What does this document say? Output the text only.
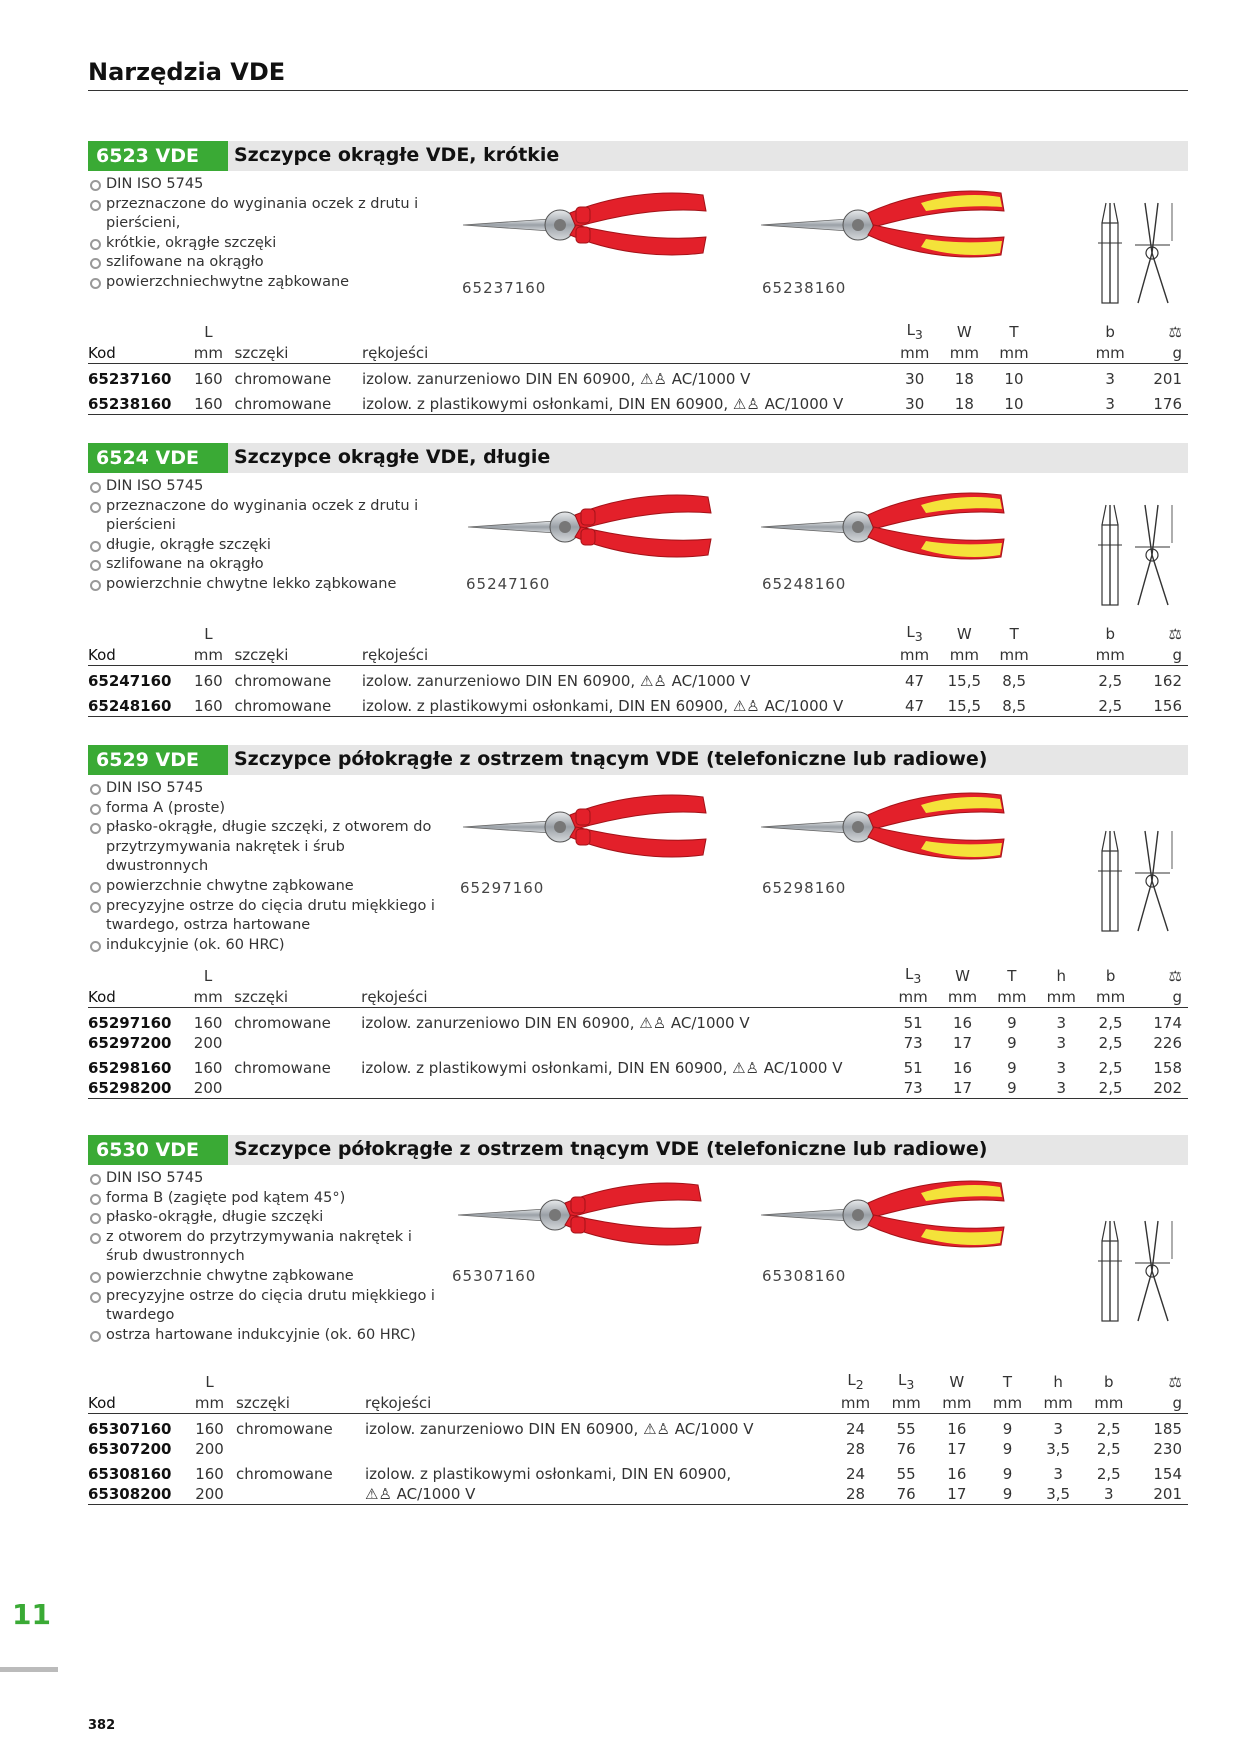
Narzędzia VDE
6523 VDE	Szczypce okrągłe VDE, krótkie
DIN ISO 5745
przeznaczone do wyginania oczek z drutu i pierścieni,
krótkie, okrągłe szczęki
szlifowane na okrągło
powierzchniechwytne ząbkowane	65237160	65238160
	L				$L_3$	W	T		b	⚖
Kod	mm	szczęki	rękojeści		mm	mm	mm		mm	g
65237160	160	chromowane	izolow. zanurzeniowo DIN EN 60900, ⚠♙ AC/1000 V		30	18	10		3	201
65238160	160	chromowane	izolow. z plastikowymi osłonkami, DIN EN 60900, ⚠♙ AC/1000 V		30	18	10		3	176
6524 VDE	Szczypce okrągłe VDE, długie
DIN ISO 5745
przeznaczone do wyginania oczek z drutu i pierścieni
długie, okrągłe szczęki
szlifowane na okrągło
powierzchnie chwytne lekko ząbkowane	65247160	65248160
	L				$L_3$	W	T		b	⚖
Kod	mm	szczęki	rękojeści		mm	mm	mm		mm	g
65247160	160	chromowane	izolow. zanurzeniowo DIN EN 60900, ⚠♙ AC/1000 V		47	15,5	8,5		2,5	162
65248160	160	chromowane	izolow. z plastikowymi osłonkami, DIN EN 60900, ⚠♙ AC/1000 V		47	15,5	8,5		2,5	156
6529 VDE	Szczypce półokrągłe z ostrzem tnącym VDE (telefoniczne lub radiowe)
DIN ISO 5745
forma A (proste)
płasko-okrągłe, długie szczęki, z otworem do przytrzymywania nakrętek i śrub dwustronnych
powierzchnie chwytne ząbkowane
precyzyjne ostrze do cięcia drutu miękkiego i twardego, ostrza hartowane
indukcyjnie (ok. 60 HRC)
65297160	65298160
	L				$L_3$	W	T	h	b	⚖
Kod	mm	szczęki	rękojeści		mm	mm	mm	mm	mm	g
65297160	160	chromowane	izolow. zanurzeniowo DIN EN 60900, ⚠♙ AC/1000 V		51	16	9	3	2,5	174
65297200	200				73	17	9	3	2,5	226
65298160	160	chromowane	izolow. z plastikowymi osłonkami, DIN EN 60900, ⚠♙ AC/1000 V		51	16	9	3	2,5	158
65298200	200				73	17	9	3	2,5	202
6530 VDE	Szczypce półokrągłe z ostrzem tnącym VDE (telefoniczne lub radiowe)
DIN ISO 5745
forma B (zagięte pod kątem 45°)
płasko-okrągłe, długie szczęki
z otworem do przytrzymywania nakrętek i śrub dwustronnych
powierzchnie chwytne ząbkowane
precyzyjne ostrze do cięcia drutu miękkiego i twardego
ostrza hartowane indukcyjnie (ok. 60 HRC)
65307160	65308160
	L			$L_2$	$L_3$	W	T	h	b	⚖
Kod	mm	szczęki	rękojeści	mm	mm	mm	mm	mm	mm	g
65307160	160	chromowane	izolow. zanurzeniowo DIN EN 60900, ⚠♙ AC/1000 V	24	55	16	9	3	2,5	185
65307200	200			28	76	17	9	3,5	2,5	230
65308160	160	chromowane	izolow. z plastikowymi osłonkami, DIN EN 60900,	24	55	16	9	3	2,5	154
65308200	200		⚠♙ AC/1000 V	28	76	17	9	3,5	3	201
11
382
